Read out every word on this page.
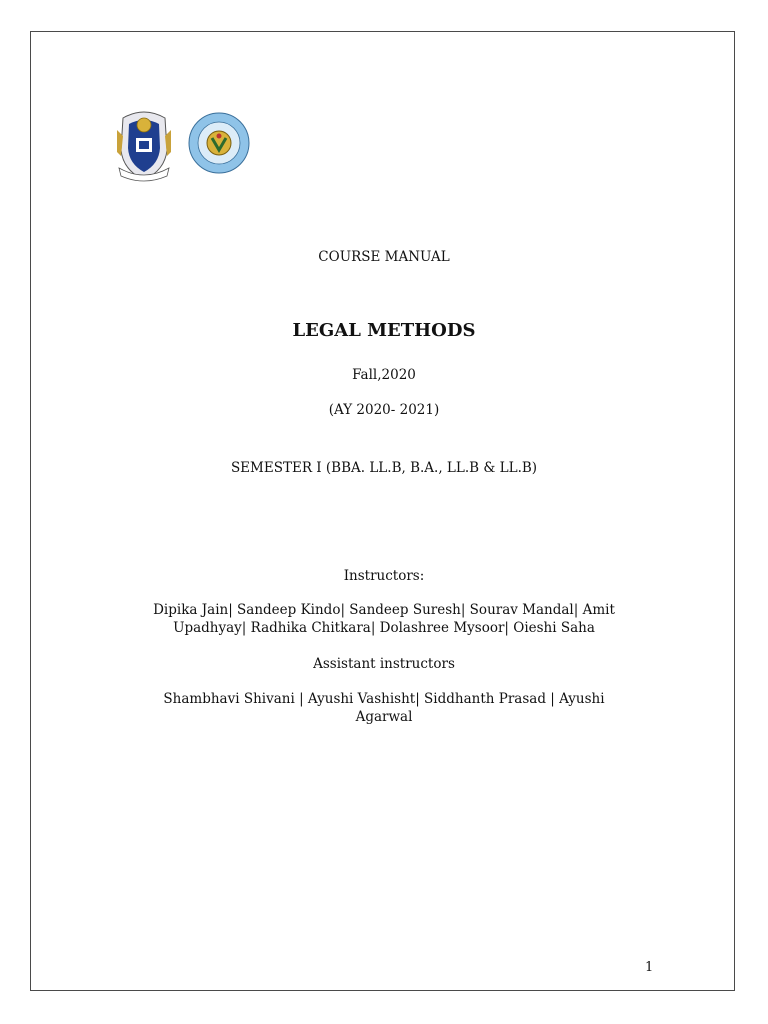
COURSE MANUAL
LEGAL METHODS
Fall,2020
(AY 2020- 2021)
SEMESTER I (BBA. LL.B, B.A., LL.B & LL.B)
Instructors:
Dipika Jain| Sandeep Kindo| Sandeep Suresh| Sourav Mandal| Amit
Upadhyay| Radhika Chitkara| Dolashree Mysoor| Oieshi Saha
Assistant instructors
Shambhavi Shivani | Ayushi Vashisht| Siddhanth Prasad | Ayushi
Agarwal
1
